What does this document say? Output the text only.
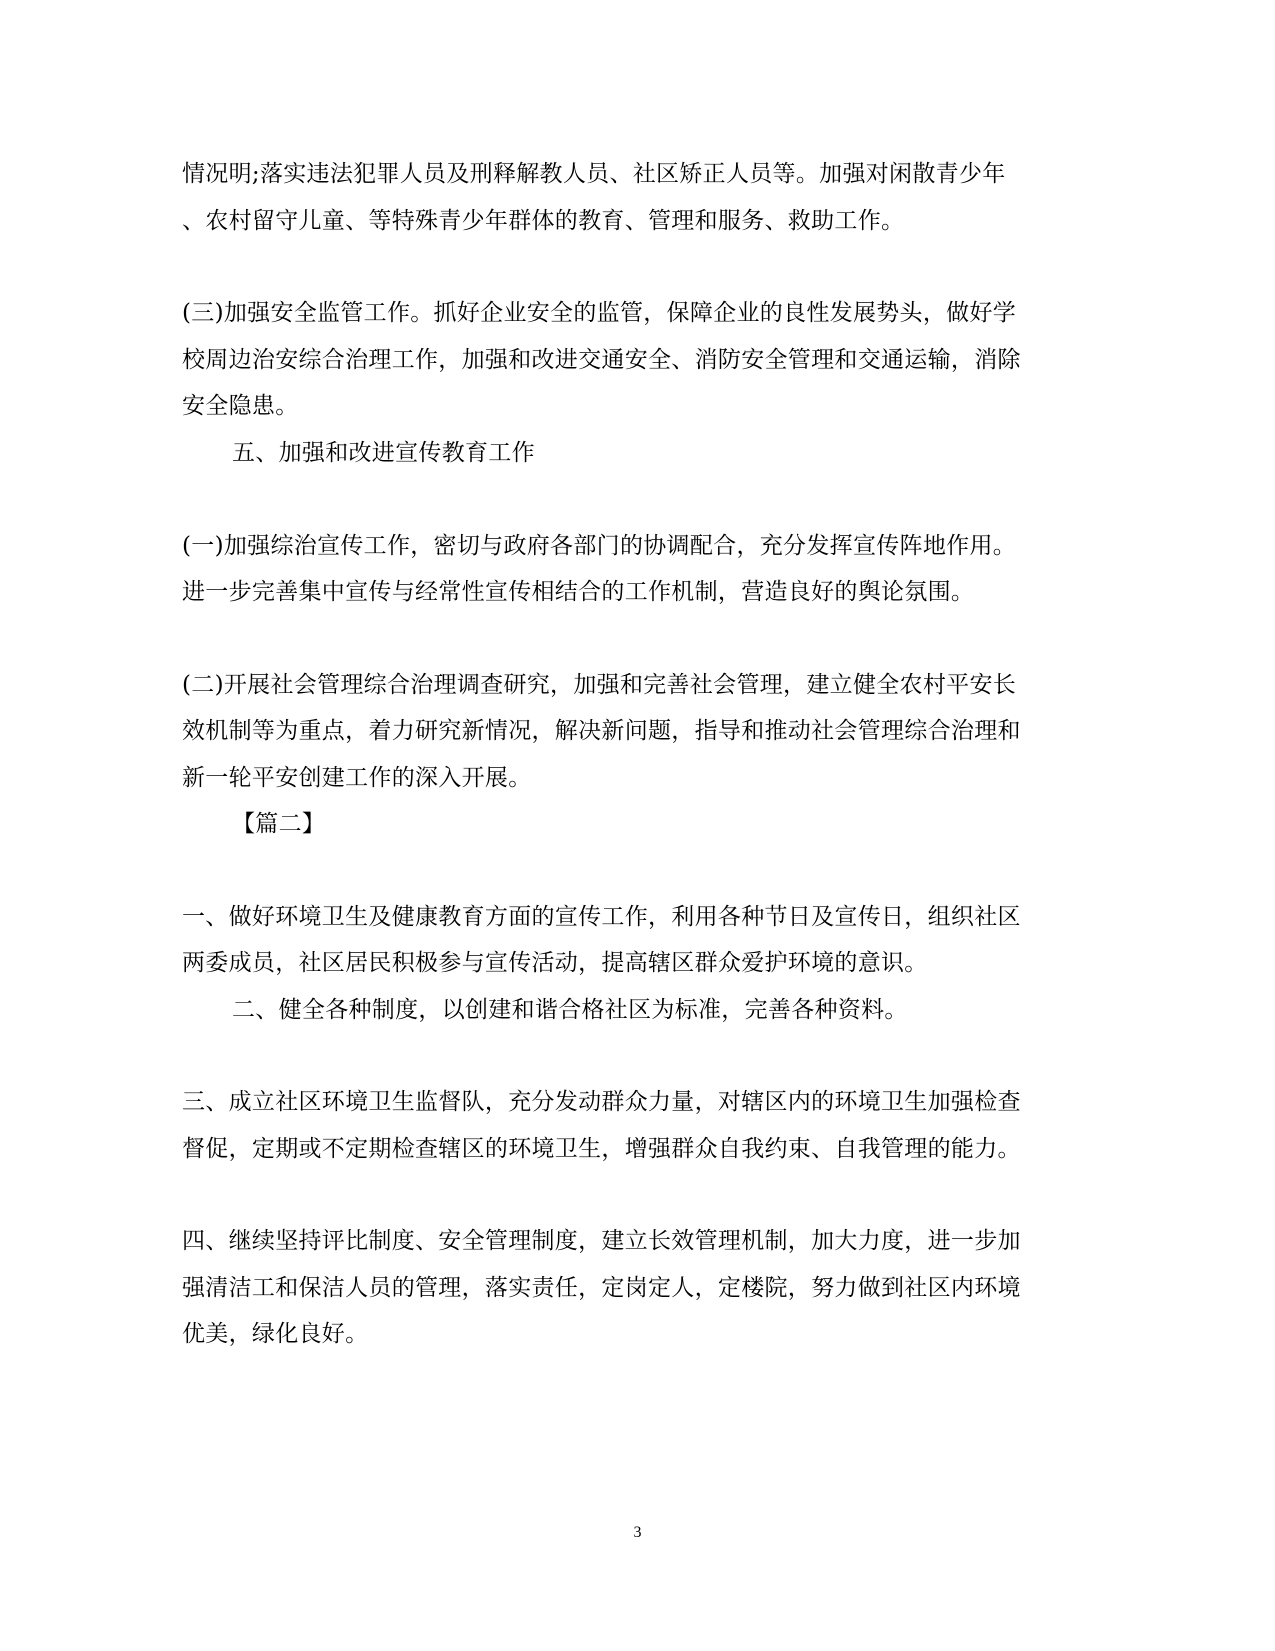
情况明;落实违法犯罪人员及刑释解教人员、社区矫正人员等。加强对闲散青少年
、农村留守儿童、等特殊青少年群体的教育、管理和服务、救助工作。
(三)加强安全监管工作。抓好企业安全的监管，保障企业的良性发展势头，做好学
校周边治安综合治理工作，加强和改进交通安全、消防安全管理和交通运输，消除
安全隐患。
五、加强和改进宣传教育工作
(一)加强综治宣传工作，密切与政府各部门的协调配合，充分发挥宣传阵地作用。
进一步完善集中宣传与经常性宣传相结合的工作机制，营造良好的舆论氛围。
(二)开展社会管理综合治理调查研究，加强和完善社会管理，建立健全农村平安长
效机制等为重点，着力研究新情况，解决新问题，指导和推动社会管理综合治理和
新一轮平安创建工作的深入开展。
【篇二】
一、做好环境卫生及健康教育方面的宣传工作，利用各种节日及宣传日，组织社区
两委成员，社区居民积极参与宣传活动，提高辖区群众爱护环境的意识。
二、健全各种制度，以创建和谐合格社区为标准，完善各种资料。
三、成立社区环境卫生监督队，充分发动群众力量，对辖区内的环境卫生加强检查
督促，定期或不定期检查辖区的环境卫生，增强群众自我约束、自我管理的能力。
四、继续坚持评比制度、安全管理制度，建立长效管理机制，加大力度，进一步加
强清洁工和保洁人员的管理，落实责任，定岗定人，定楼院，努力做到社区内环境
优美，绿化良好。
3
